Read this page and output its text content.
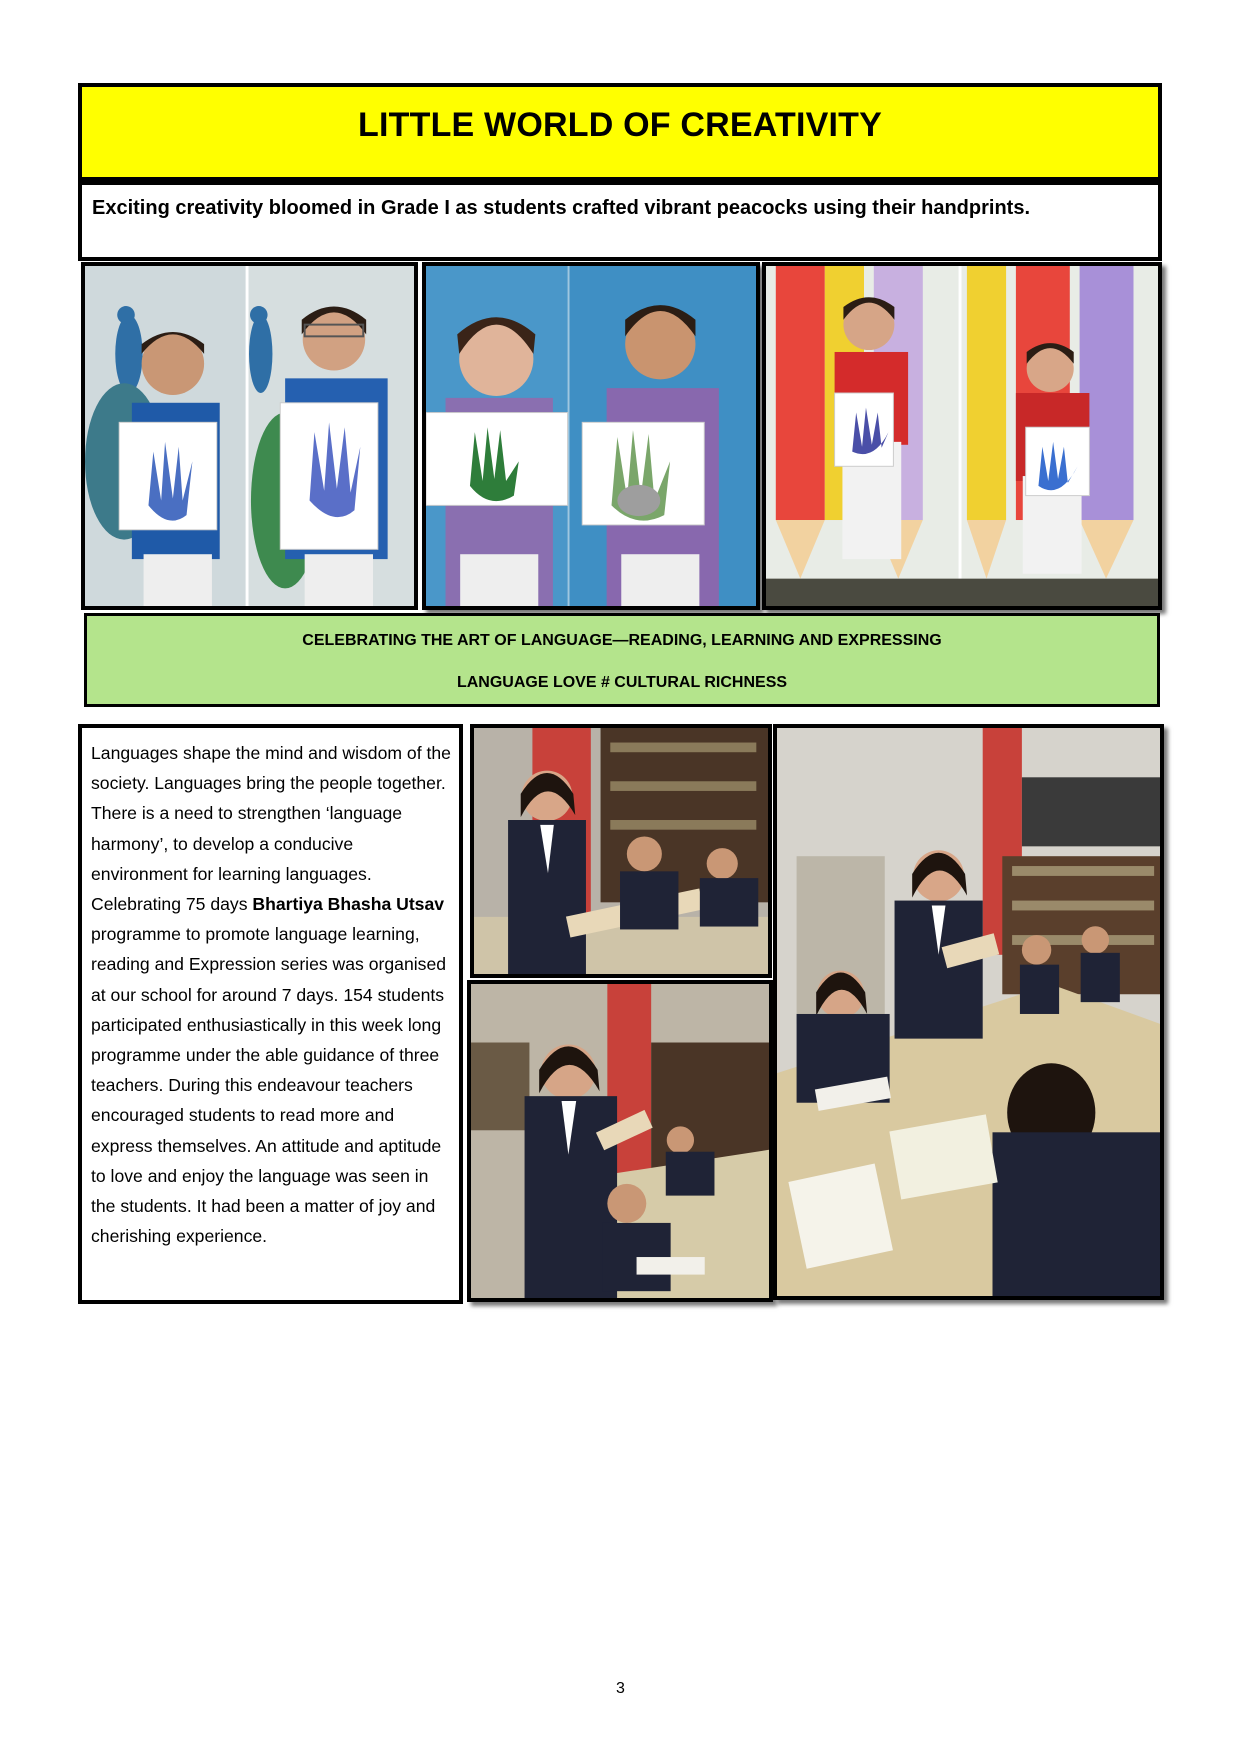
LITTLE WORLD OF CREATIVITY
Exciting creativity bloomed in Grade I as students crafted vibrant peacocks using their handprints.
CELEBRATING THE ART OF LANGUAGE—READING, LEARNING AND EXPRESSING
LANGUAGE LOVE # CULTURAL RICHNESS

Languages shape the mind and wisdom of the society. Languages bring the people together. There is a need to strengthen ‘language harmony’, to develop a conducive environment for learning languages. Celebrating 75 days Bhartiya Bhasha Utsav programme to promote language learning, reading and Expression series was organised at our school for around 7 days. 154 students participated enthusiastically in this week long programme under the able guidance of three teachers. During this endeavour teachers encouraged students to read more and express themselves. An attitude and aptitude to love and enjoy the language was seen in the students. It had been a matter of joy and cherishing experience.

3
